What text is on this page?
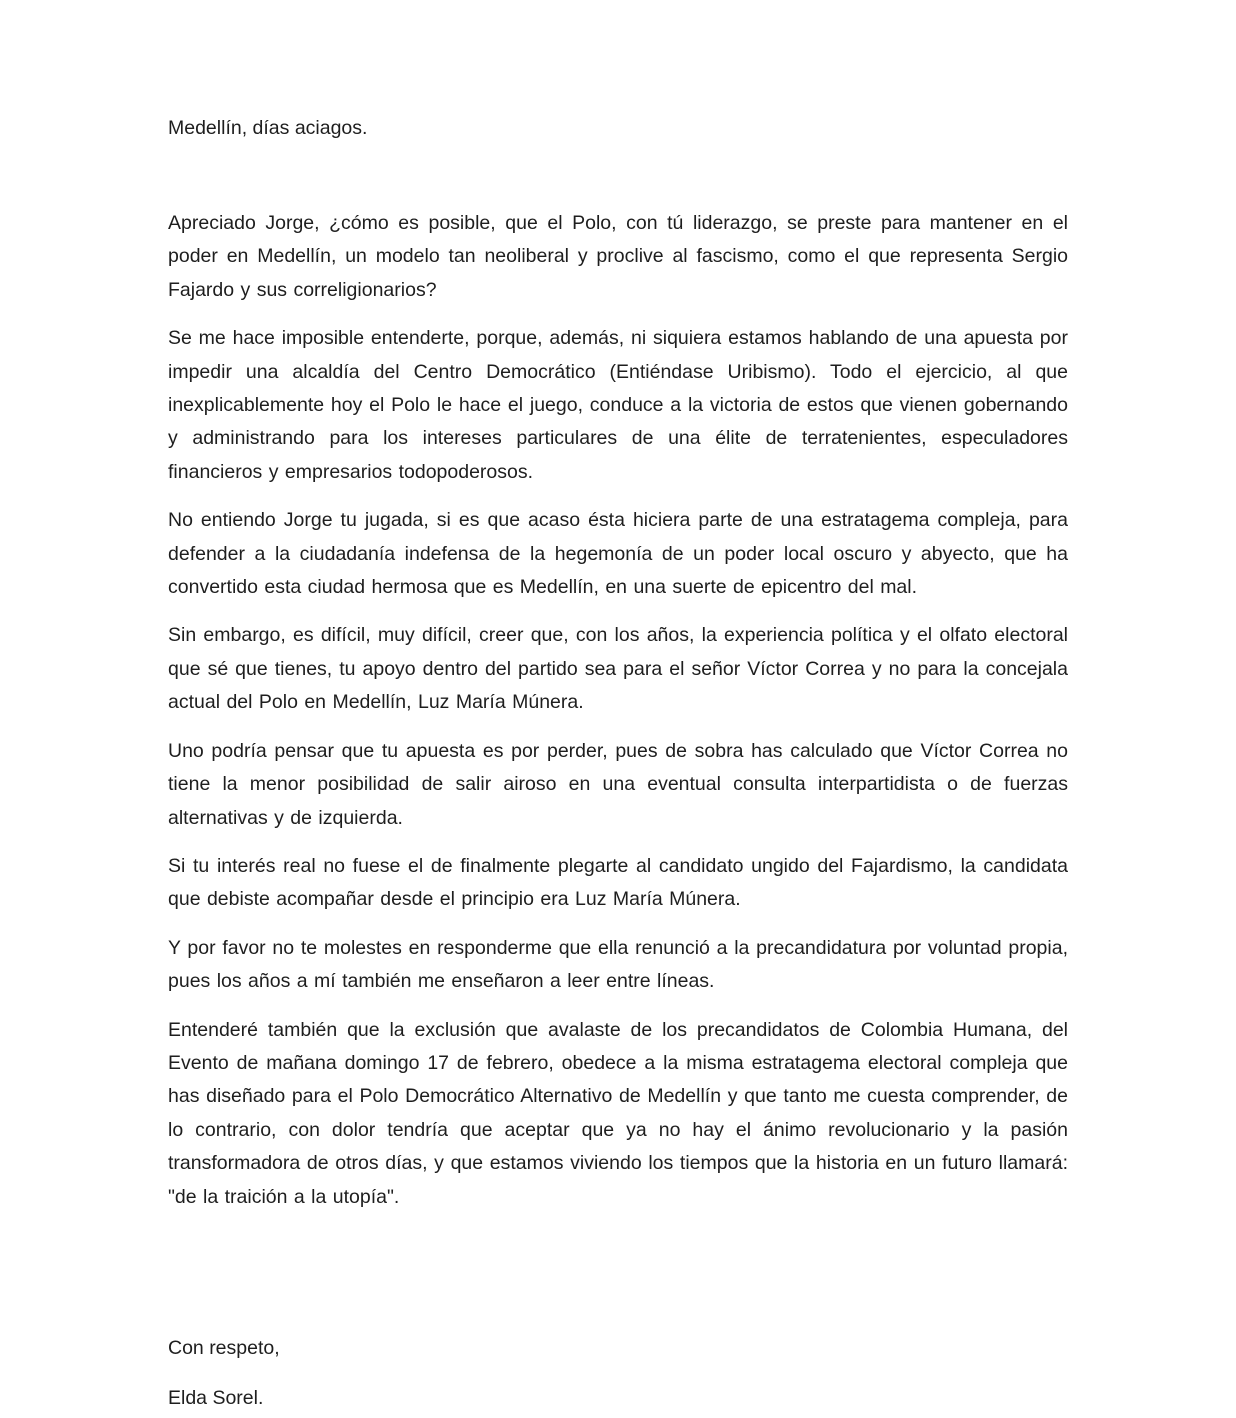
Medellín, días aciagos.

Apreciado Jorge, ¿cómo es posible, que el Polo, con tú liderazgo, se preste para mantener en el poder en Medellín, un modelo tan neoliberal y proclive al fascismo, como el que representa Sergio Fajardo y sus correligionarios?

Se me hace imposible entenderte, porque, además, ni siquiera estamos hablando de una apuesta por impedir una alcaldía del Centro Democrático (Entiéndase Uribismo). Todo el ejercicio, al que inexplicablemente hoy el Polo le hace el juego, conduce a la victoria de estos que vienen gobernando y administrando para los intereses particulares de una élite de terratenientes, especuladores financieros y empresarios todopoderosos.

No entiendo Jorge tu jugada, si es que acaso ésta hiciera parte de una estratagema compleja, para defender a la ciudadanía indefensa de la hegemonía de un poder local oscuro y abyecto, que ha convertido esta ciudad hermosa que es Medellín, en una suerte de epicentro del mal.

Sin embargo, es difícil, muy difícil, creer que, con los años, la experiencia política y el olfato electoral que sé que tienes, tu apoyo dentro del partido sea para el señor Víctor Correa y no para la concejala actual del Polo en Medellín, Luz María Múnera.

Uno podría pensar que tu apuesta es por perder, pues de sobra has calculado que Víctor Correa no tiene la menor posibilidad de salir airoso en una eventual consulta interpartidista o de fuerzas alternativas y de izquierda.

Si tu interés real no fuese el de finalmente plegarte al candidato ungido del Fajardismo, la candidata que debiste acompañar desde el principio era Luz María Múnera.

Y por favor no te molestes en responderme que ella renunció a la precandidatura por voluntad propia, pues los años a mí también me enseñaron a leer entre líneas.

Entenderé también que la exclusión que avalaste de los precandidatos de Colombia Humana, del Evento de mañana domingo 17 de febrero, obedece a la misma estratagema electoral compleja que has diseñado para el Polo Democrático Alternativo de Medellín y que tanto me cuesta comprender, de lo contrario, con dolor tendría que aceptar que ya no hay el ánimo revolucionario y la pasión transformadora de otros días, y que estamos viviendo los tiempos que la historia en un futuro llamará: "de la traición a la utopía".

Con respeto,

Elda Sorel.
